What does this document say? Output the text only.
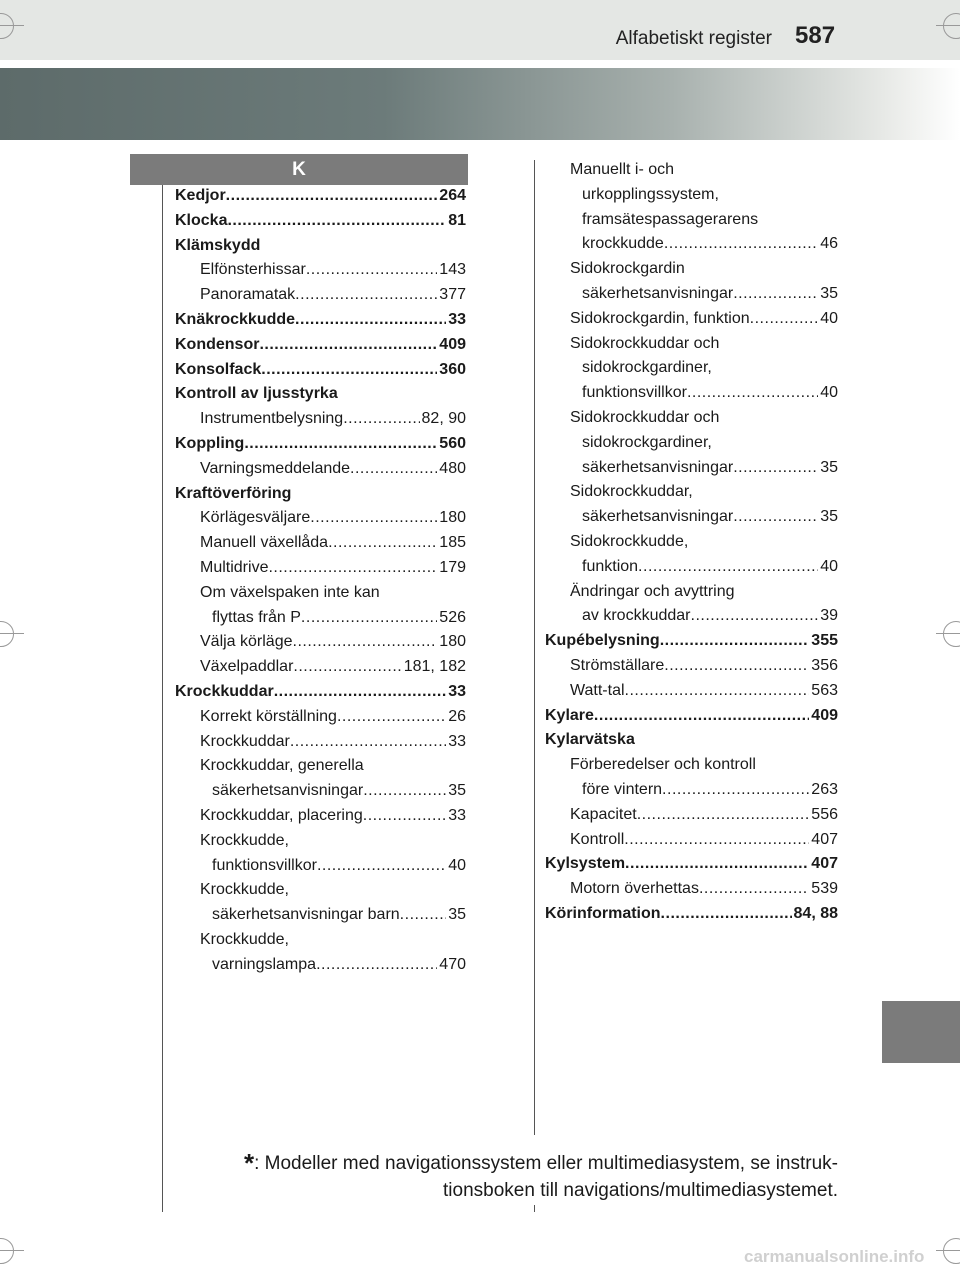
Alfabetiskt register 587
K
Kedjor .....	264
Klocka .....	81
Klämskydd
Elfönsterhissar .....	143
Panoramatak .....	377
Knäkrockkudde .....	33
Kondensor .....	409
Konsolfack .....	360
Kontroll av ljusstyrka
Instrumentbelysning .....	82, 90
Koppling .....	560
Varningsmeddelande .....	480
Kraftöverföring
Körlägesväljare .....	180
Manuell växellåda .....	185
Multidrive .....	179
Om växelspaken inte kan
flyttas från P .....	526
Välja körläge .....	180
Växelpaddlar .....	181, 182
Krockkuddar .....	33
Korrekt körställning .....	26
Krockkuddar .....	33
Krockkuddar, generella
säkerhetsanvisningar .....	35
Krockkuddar, placering .....	33
Krockkudde,
funktionsvillkor .....	40
Krockkudde,
säkerhetsanvisningar barn .....	35
Krockkudde,
varningslampa .....	470
Manuellt i- och
urkopplingssystem,
framsätespassagerarens
krockkudde .....	46
Sidokrockgardin
säkerhetsanvisningar .....	35
Sidokrockgardin, funktion .....	40
Sidokrockkuddar och
sidokrockgardiner,
funktionsvillkor .....	40
Sidokrockkuddar och
sidokrockgardiner,
säkerhetsanvisningar .....	35
Sidokrockkuddar,
säkerhetsanvisningar .....	35
Sidokrockkudde,
funktion .....	40
Ändringar och avyttring
av krockkuddar .....	39
Kupébelysning .....	355
Strömställare .....	356
Watt-tal .....	563
Kylare .....	409
Kylarvätska
Förberedelser och kontroll
före vintern .....	263
Kapacitet .....	556
Kontroll .....	407
Kylsystem .....	407
Motorn överhettas .....	539
Körinformation .....	84, 88
*: Modeller med navigationssystem eller multimediasystem, se instruk-
tionsboken till navigations/multimediasystemet.
carmanualsonline.info
